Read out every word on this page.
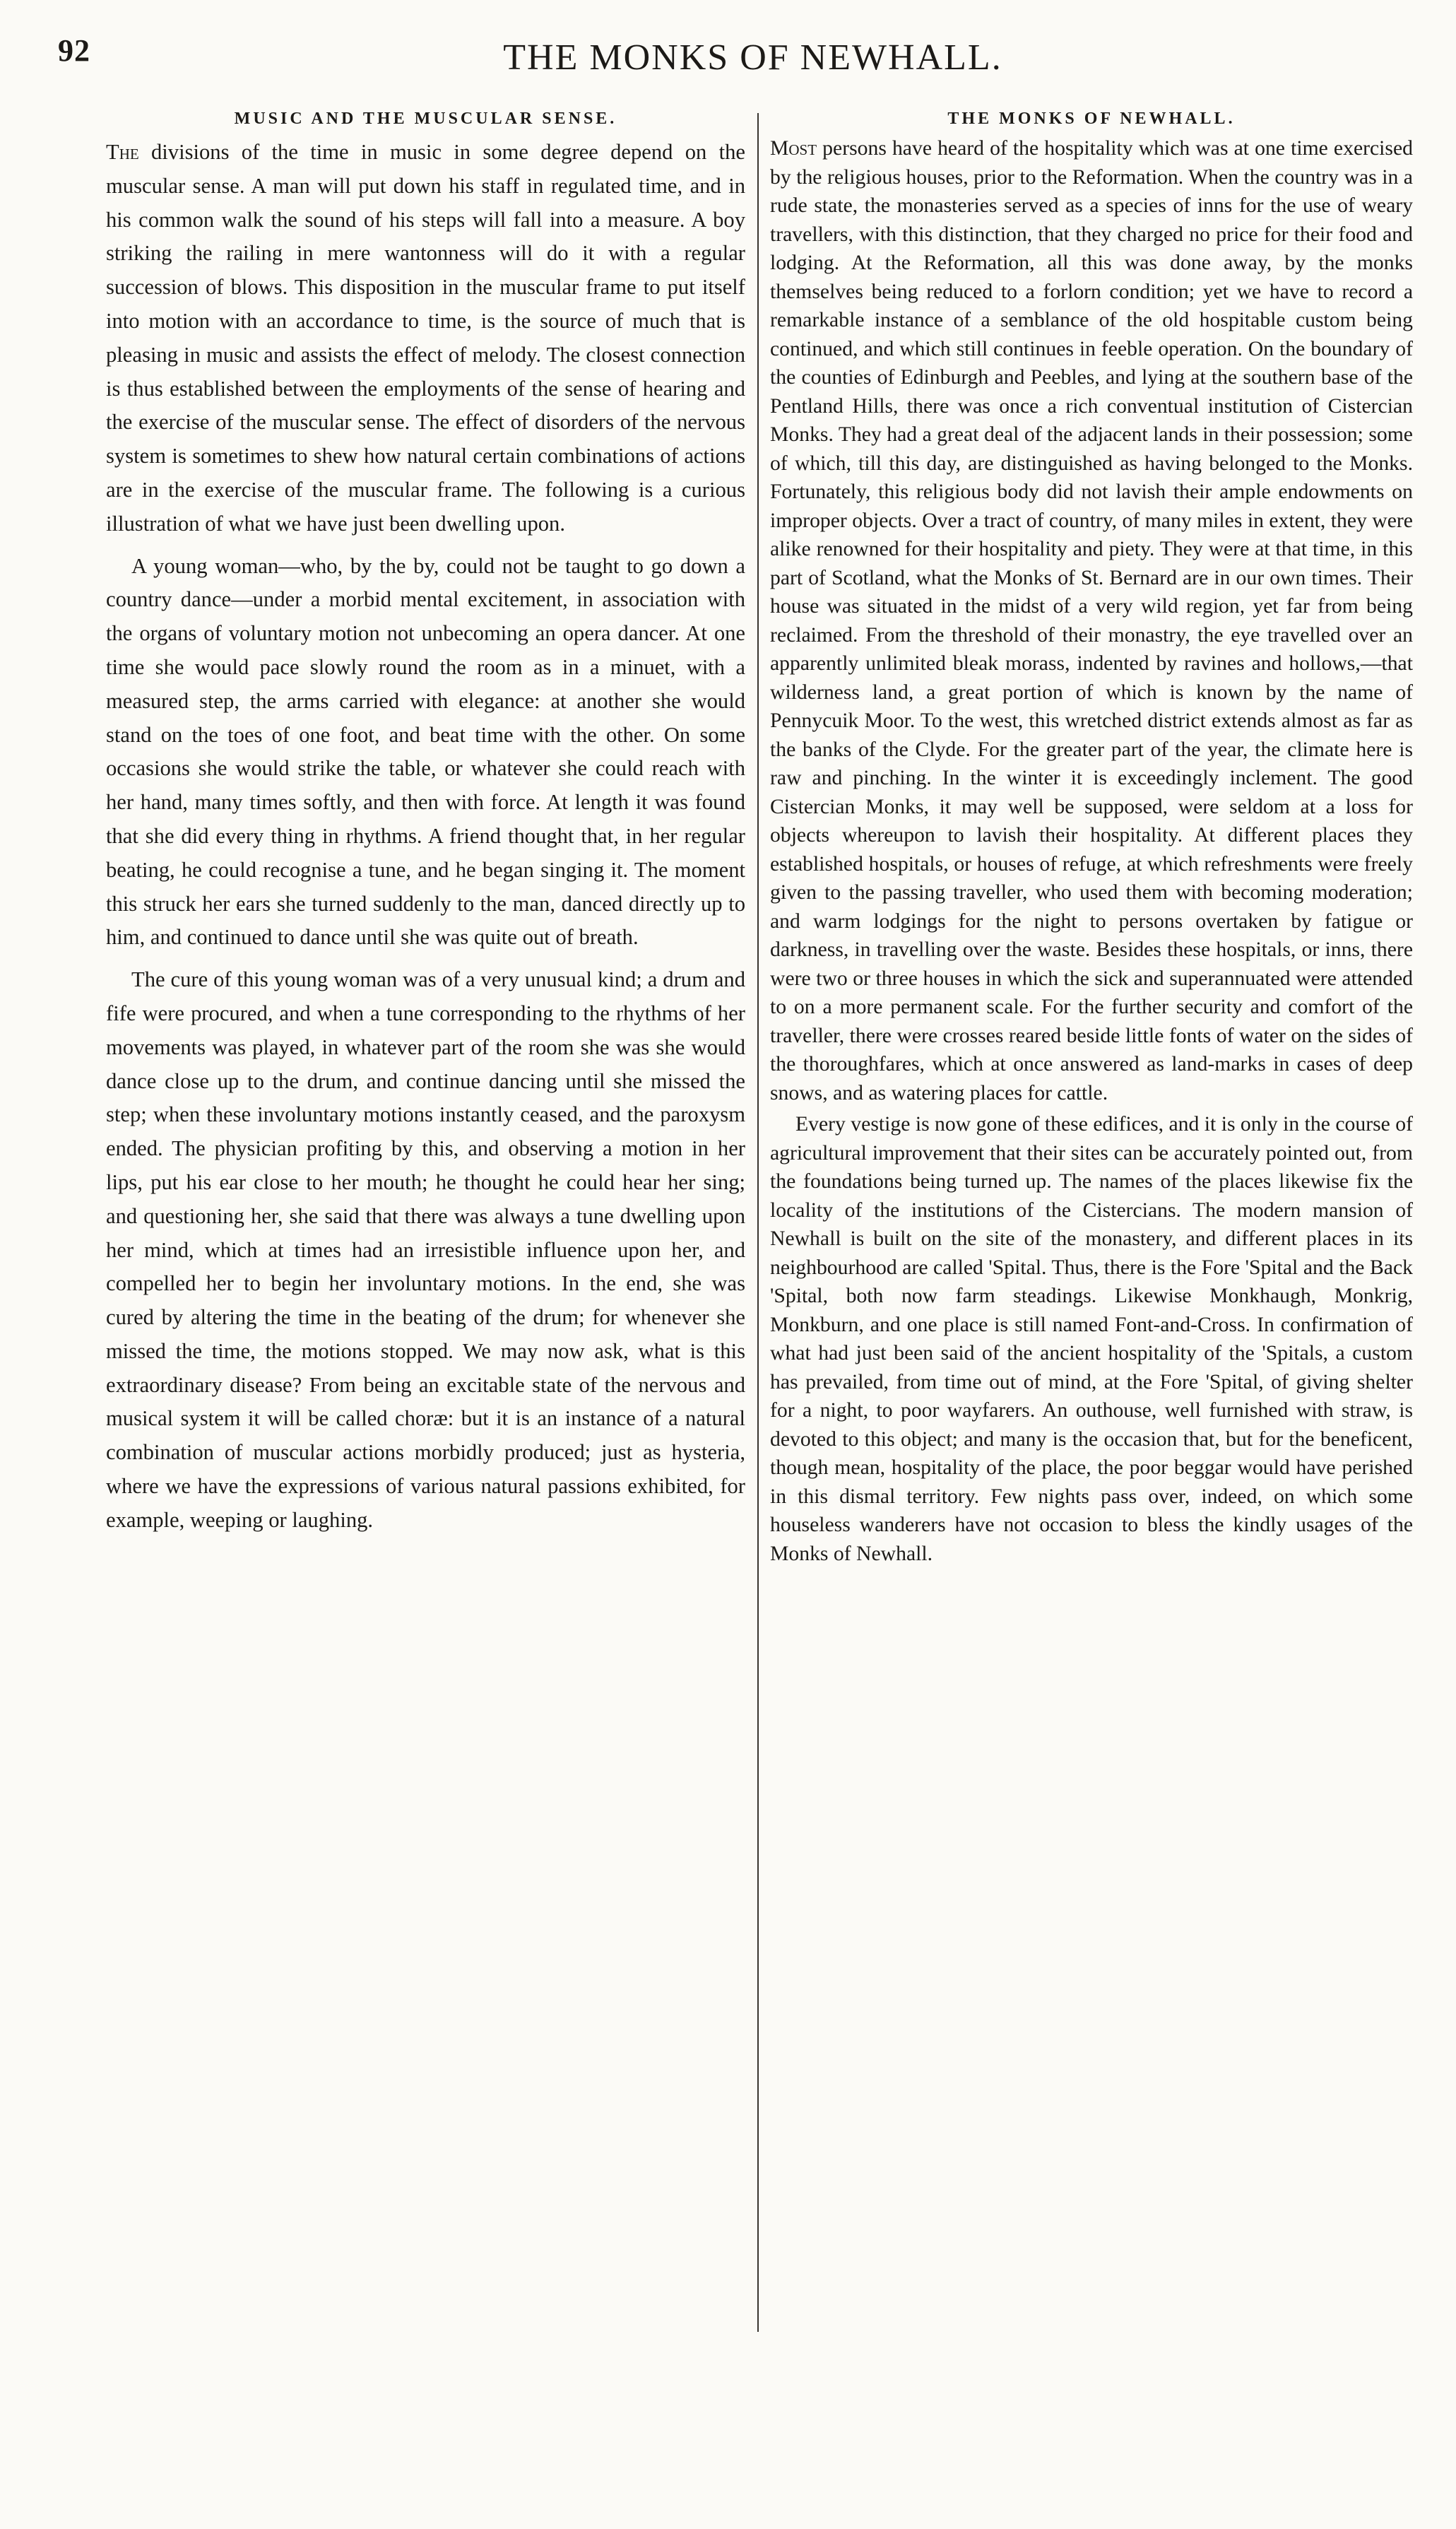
92	THE MONKS OF NEWHALL.
MUSIC AND THE MUSCULAR SENSE.

The divisions of the time in music in some degree depend on the muscular sense. A man will put down his staff in regulated time, and in his common walk the sound of his steps will fall into a measure. A boy striking the railing in mere wantonness will do it with a regular succession of blows. This disposition in the muscular frame to put itself into motion with an accordance to time, is the source of much that is pleasing in music and assists the effect of melody. The closest connection is thus established between the employments of the sense of hearing and the exercise of the muscular sense. The effect of disorders of the nervous system is sometimes to shew how natural certain combinations of actions are in the exercise of the muscular frame. The following is a curious illustration of what we have just been dwelling upon.

A young woman—who, by the by, could not be taught to go down a country dance—under a morbid mental excitement, in association with the organs of voluntary motion not unbecoming an opera dancer. At one time she would pace slowly round the room as in a minuet, with a measured step, the arms carried with elegance: at another she would stand on the toes of one foot, and beat time with the other. On some occasions she would strike the table, or whatever she could reach with her hand, many times softly, and then with force. At length it was found that she did every thing in rhythms. A friend thought that, in her regular beating, he could recognise a tune, and he began singing it. The moment this struck her ears she turned suddenly to the man, danced directly up to him, and continued to dance until she was quite out of breath.

The cure of this young woman was of a very unusual kind; a drum and fife were procured, and when a tune corresponding to the rhythms of her movements was played, in whatever part of the room she was she would dance close up to the drum, and continue dancing until she missed the step; when these involuntary motions instantly ceased, and the paroxysm ended. The physician profiting by this, and observing a motion in her lips, put his ear close to her mouth; he thought he could hear her sing; and questioning her, she said that there was always a tune dwelling upon her mind, which at times had an irresistible influence upon her, and compelled her to begin her involuntary motions. In the end, she was cured by altering the time in the beating of the drum; for whenever she missed the time, the motions stopped. We may now ask, what is this extraordinary disease? From being an excitable state of the nervous and musical system it will be called choræ: but it is an instance of a natural combination of muscular actions morbidly produced; just as hysteria, where we have the expressions of various natural passions exhibited, for example, weeping or laughing.

THE MONKS OF NEWHALL.

Most persons have heard of the hospitality which was at one time exercised by the religious houses, prior to the Reformation. When the country was in a rude state, the monasteries served as a species of inns for the use of weary travellers, with this distinction, that they charged no price for their food and lodging. At the Reformation, all this was done away, by the monks themselves being reduced to a forlorn condition; yet we have to record a remarkable instance of a semblance of the old hospitable custom being continued, and which still continues in feeble operation. On the boundary of the counties of Edinburgh and Peebles, and lying at the southern base of the Pentland Hills, there was once a rich conventual institution of Cistercian Monks. They had a great deal of the adjacent lands in their possession; some of which, till this day, are distinguished as having belonged to the Monks. Fortunately, this religious body did not lavish their ample endowments on improper objects. Over a tract of country, of many miles in extent, they were alike renowned for their hospitality and piety. They were at that time, in this part of Scotland, what the Monks of St. Bernard are in our own times. Their house was situated in the midst of a very wild region, yet far from being reclaimed. From the threshold of their monastry, the eye travelled over an apparently unlimited bleak morass, indented by ravines and hollows,—that wilderness land, a great portion of which is known by the name of Pennycuik Moor. To the west, this wretched district extends almost as far as the banks of the Clyde. For the greater part of the year, the climate here is raw and pinching. In the winter it is exceedingly inclement. The good Cistercian Monks, it may well be supposed, were seldom at a loss for objects whereupon to lavish their hospitality. At different places they established hospitals, or houses of refuge, at which refreshments were freely given to the passing traveller, who used them with becoming moderation; and warm lodgings for the night to persons overtaken by fatigue or darkness, in travelling over the waste. Besides these hospitals, or inns, there were two or three houses in which the sick and superannuated were attended to on a more permanent scale. For the further security and comfort of the traveller, there were crosses reared beside little fonts of water on the sides of the thoroughfares, which at once answered as land-marks in cases of deep snows, and as watering places for cattle.

Every vestige is now gone of these edifices, and it is only in the course of agricultural improvement that their sites can be accurately pointed out, from the foundations being turned up. The names of the places likewise fix the locality of the institutions of the Cistercians. The modern mansion of Newhall is built on the site of the monastery, and different places in its neighbourhood are called 'Spital. Thus, there is the Fore 'Spital and the Back 'Spital, both now farm steadings. Likewise Monkhaugh, Monkrig, Monkburn, and one place is still named Font-and-Cross. In confirmation of what had just been said of the ancient hospitality of the 'Spitals, a custom has prevailed, from time out of mind, at the Fore 'Spital, of giving shelter for a night, to poor wayfarers. An outhouse, well furnished with straw, is devoted to this object; and many is the occasion that, but for the beneficent, though mean, hospitality of the place, the poor beggar would have perished in this dismal territory. Few nights pass over, indeed, on which some houseless wanderers have not occasion to bless the kindly usages of the Monks of Newhall.
